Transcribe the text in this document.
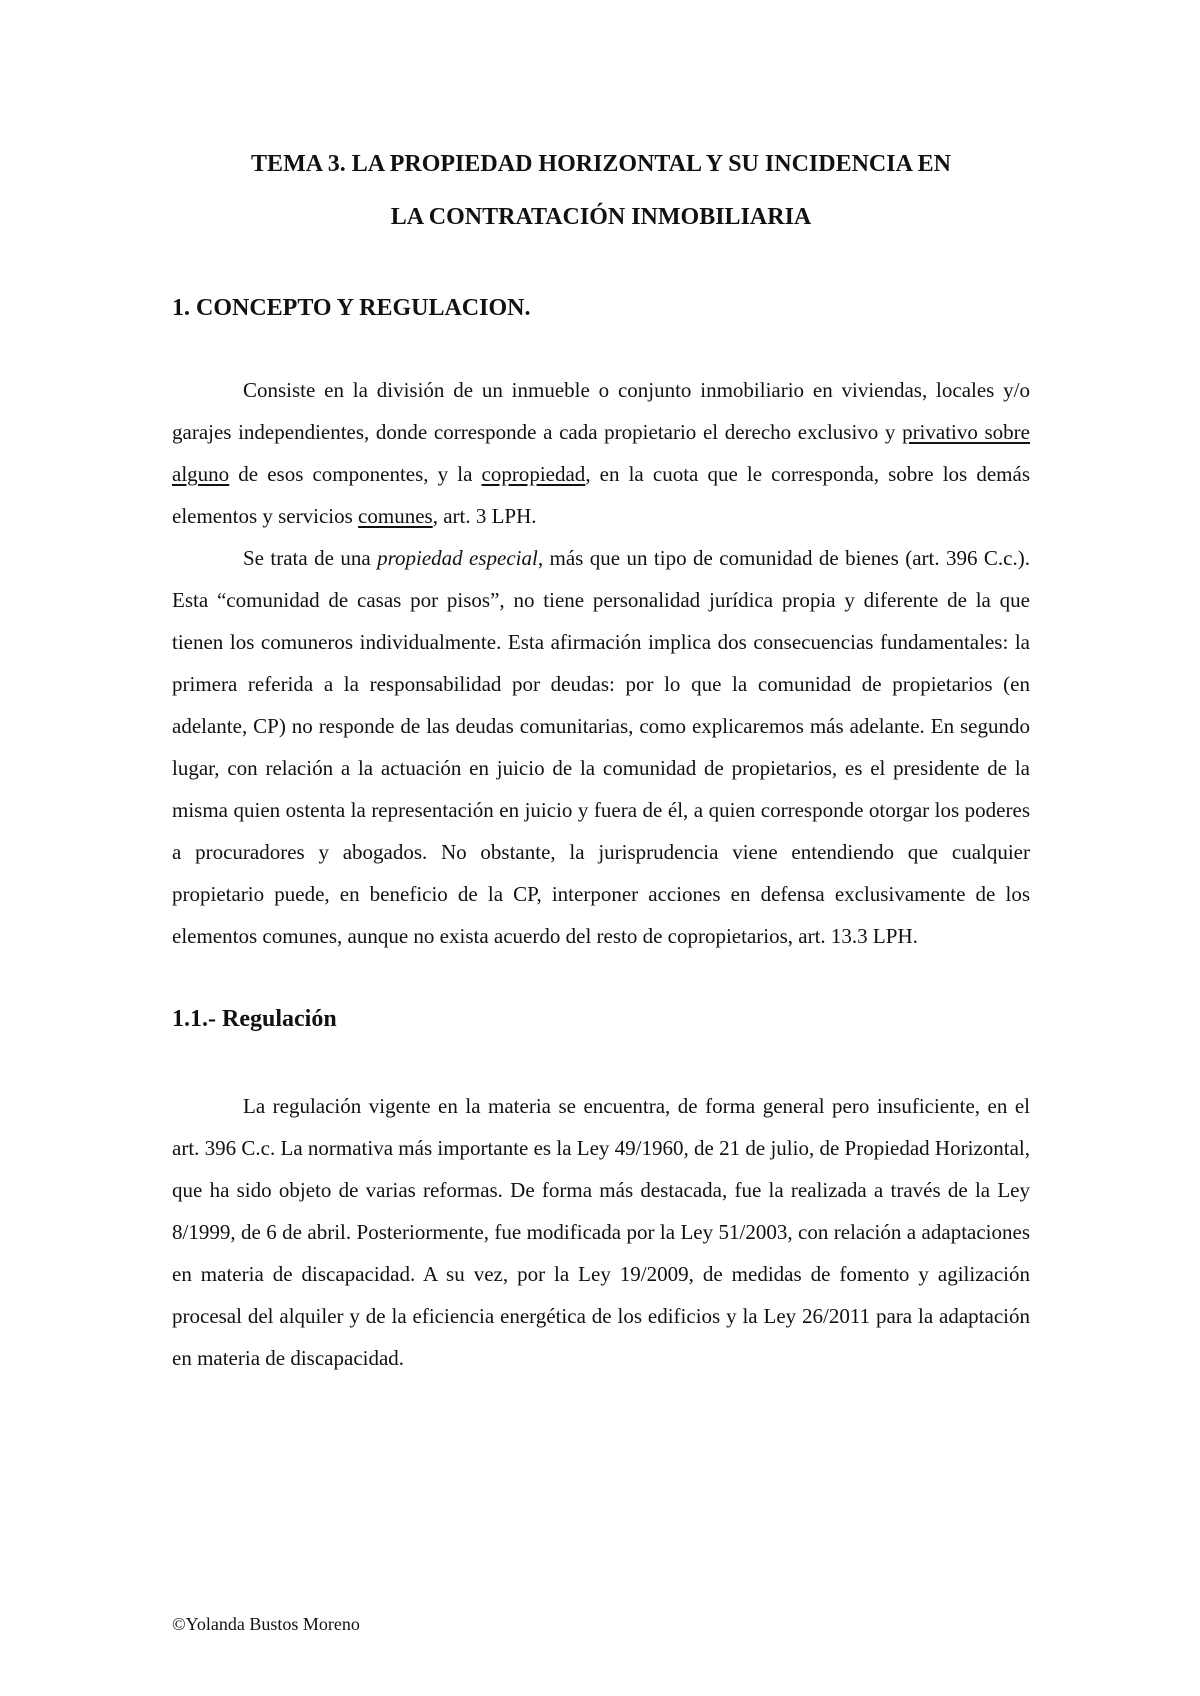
TEMA 3. LA PROPIEDAD HORIZONTAL Y SU INCIDENCIA EN
LA CONTRATACIÓN INMOBILIARIA
1. CONCEPTO Y REGULACION.

Consiste en la división de un inmueble o conjunto inmobiliario en viviendas, locales y/o garajes independientes, donde corresponde a cada propietario el derecho exclusivo y privativo sobre alguno de esos componentes, y la copropiedad, en la cuota que le corresponda, sobre los demás elementos y servicios comunes, art. 3 LPH.

Se trata de una propiedad especial, más que un tipo de comunidad de bienes (art. 396 C.c.). Esta “comunidad de casas por pisos”, no tiene personalidad jurídica propia y diferente de la que tienen los comuneros individualmente. Esta afirmación implica dos consecuencias fundamentales: la primera referida a la responsabilidad por deudas: por lo que la comunidad de propietarios (en adelante, CP) no responde de las deudas comunitarias, como explicaremos más adelante. En segundo lugar, con relación a la actuación en juicio de la comunidad de propietarios, es el presidente de la misma quien ostenta la representación en juicio y fuera de él, a quien corresponde otorgar los poderes a procuradores y abogados. No obstante, la jurisprudencia viene entendiendo que cualquier propietario puede, en beneficio de la CP, interponer acciones en defensa exclusivamente de los elementos comunes, aunque no exista acuerdo del resto de copropietarios, art. 13.3 LPH.

1.1.- Regulación

La regulación vigente en la materia se encuentra, de forma general pero insuficiente, en el art. 396 C.c. La normativa más importante es la Ley 49/1960, de 21 de julio, de Propiedad Horizontal, que ha sido objeto de varias reformas. De forma más destacada, fue la realizada a través de la Ley 8/1999, de 6 de abril. Posteriormente, fue modificada por la Ley 51/2003, con relación a adaptaciones en materia de discapacidad. A su vez, por la Ley 19/2009, de medidas de fomento y agilización procesal del alquiler y de la eficiencia energética de los edificios y la Ley 26/2011 para la adaptación en materia de discapacidad.

©Yolanda Bustos Moreno
